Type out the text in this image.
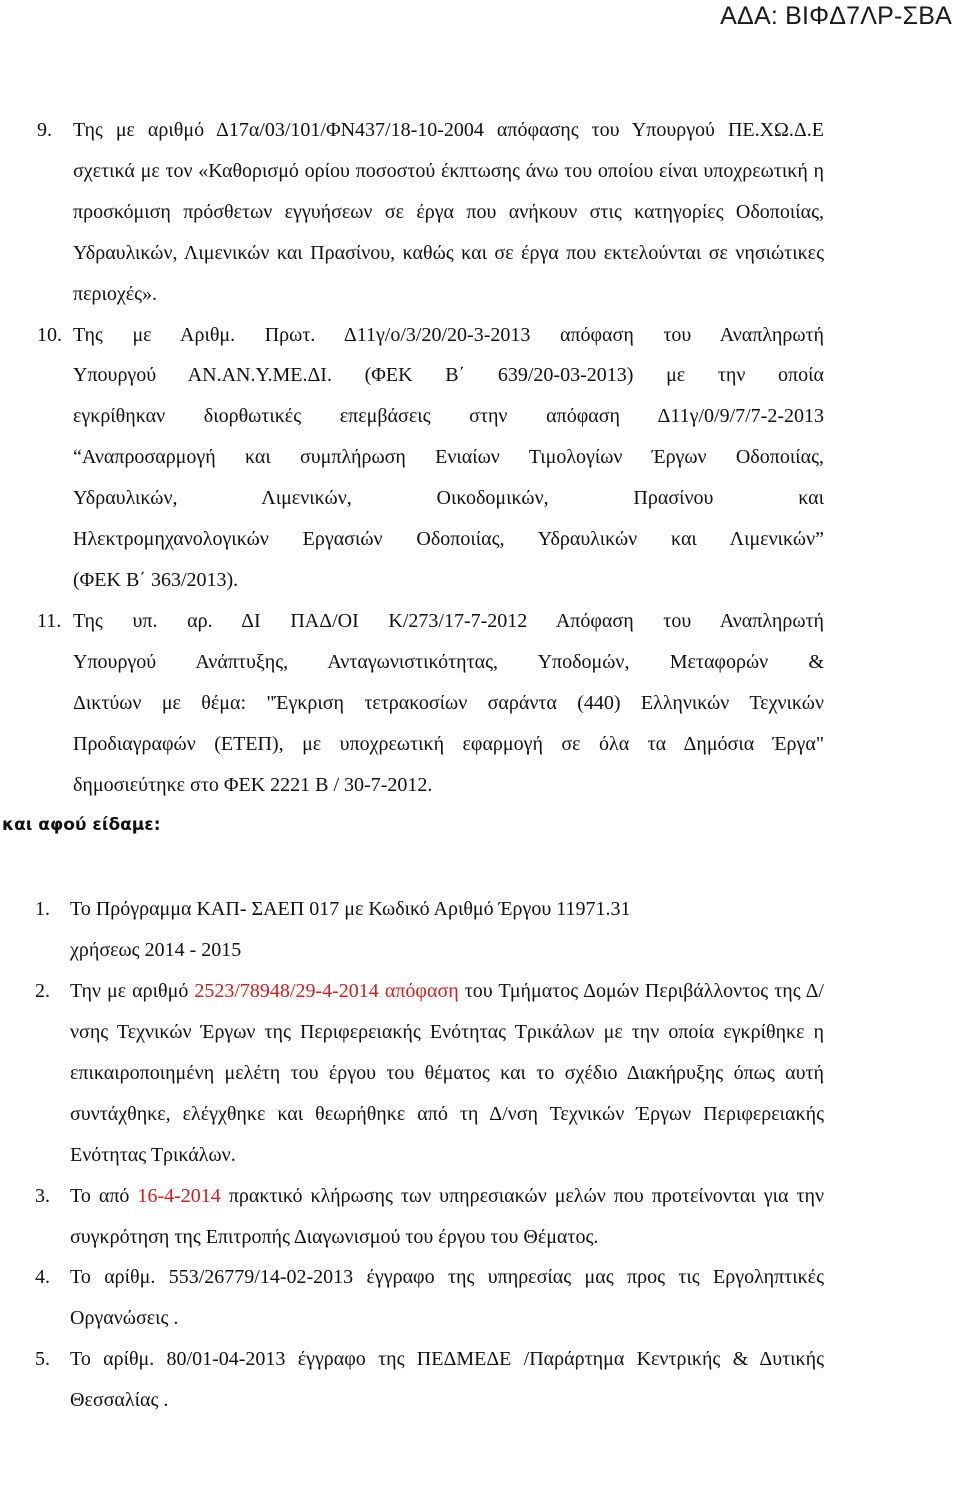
ΑΔΑ: ΒΙΦΔ7ΛΡ-ΣΒΑ
9. Της με αριθμό Δ17α/03/101/ΦΝ437/18-10-2004 απόφασης του Υπουργού ΠΕ.ΧΩ.Δ.Ε σχετικά με τον «Καθορισμό ορίου ποσοστού έκπτωσης άνω του οποίου είναι υποχρεωτική η προσκόμιση πρόσθετων εγγυήσεων σε έργα που ανήκουν στις κατηγορίες Οδοποιίας, Υδραυλικών, Λιμενικών και Πρασίνου, καθώς και σε έργα που εκτελούνται σε νησιώτικες περιοχές».
10. Της με Αριθμ. Πρωτ. Δ11γ/ο/3/20/20-3-2013 απόφαση του Αναπληρωτή
Υπουργού ΑΝ.ΑΝ.Υ.ΜΕ.ΔΙ. (ΦΕΚ Β΄ 639/20-03-2013) με την οποία
εγκρίθηκαν διορθωτικές επεμβάσεις στην απόφαση Δ11γ/0/9/7/7-2-2013
“Αναπροσαρμογή και συμπλήρωση Ενιαίων Τιμολογίων Έργων Οδοποιίας,
Υδραυλικών, Λιμενικών, Οικοδομικών, Πρασίνου και
Ηλεκτρομηχανολογικών Εργασιών Οδοποιίας, Υδραυλικών και Λιμενικών”
(ΦΕΚ Β΄ 363/2013).
11. Της υπ. αρ. ΔΙ ΠΑΔ/ΟΙ Κ/273/17-7-2012 Απόφαση του Αναπληρωτή
Υπουργού Ανάπτυξης, Ανταγωνιστικότητας, Υποδομών, Μεταφορών &
Δικτύων με θέμα: "Έγκριση τετρακοσίων σαράντα (440) Ελληνικών Τεχνικών
Προδιαγραφών (ΕΤΕΠ), με υποχρεωτική εφαρμογή σε όλα τα Δημόσια Έργα"
δημοσιεύτηκε στο ΦΕΚ 2221 Β / 30-7-2012.

και αφού είδαμε:

1. Το Πρόγραμμα ΚΑΠ- ΣΑΕΠ 017 με Κωδικό Αριθμό Έργου 11971.31
χρήσεως 2014 - 2015
2. Την με αριθμό 2523/78948/29-4-2014 απόφαση του Τμήματος Δομών Περιβάλλοντος της Δ/νσης Τεχνικών Έργων της Περιφερειακής Ενότητας Τρικάλων με την οποία εγκρίθηκε η επικαιροποιημένη μελέτη του έργου του θέματος και το σχέδιο Διακήρυξης όπως αυτή συντάχθηκε, ελέγχθηκε και θεωρήθηκε από τη Δ/νση Τεχνικών Έργων Περιφερειακής Ενότητας Τρικάλων.
3. Το από 16-4-2014 πρακτικό κλήρωσης των υπηρεσιακών μελών που προτείνονται για την συγκρότηση της Επιτροπής Διαγωνισμού του έργου του Θέματος.
4. Το αρίθμ. 553/26779/14-02-2013 έγγραφο της υπηρεσίας μας προς τις Εργοληπτικές Οργανώσεις .
5. Το αρίθμ. 80/01-04-2013 έγγραφο της ΠΕΔΜΕΔΕ /Παράρτημα Κεντρικής & Δυτικής Θεσσαλίας .
